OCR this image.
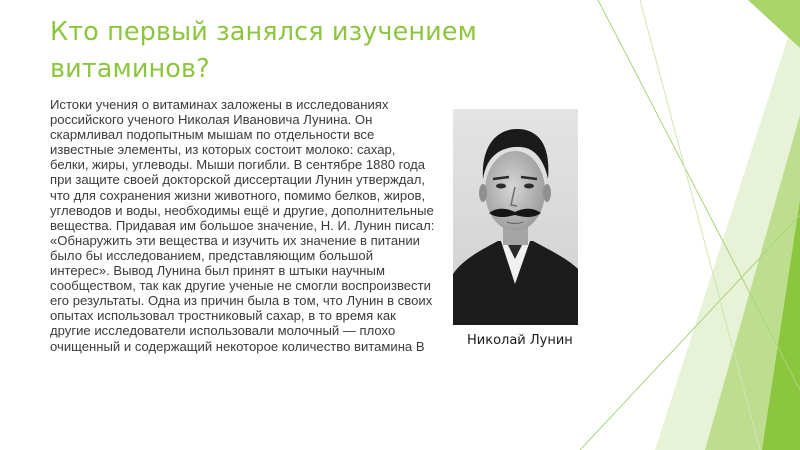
Кто первый занялся изучением витаминов?

Истоки учения о витаминах заложены в исследованиях российского ученого Николая Ивановича Лунина. Он скармливал подопытным мышам по отдельности все известные элементы, из которых состоит молоко: сахар, белки, жиры, углеводы. Мыши погибли. В сентябре 1880 года при защите своей докторской диссертации Лунин утверждал, что для сохранения жизни животного, помимо белков, жиров, углеводов и воды, необходимы ещё и другие, дополнительные вещества. Придавая им большое значение, Н. И. Лунин писал: «Обнаружить эти вещества и изучить их значение в питании было бы исследованием, представляющим большой интерес». Вывод Лунина был принят в штыки научным сообществом, так как другие ученые не смогли воспроизвести его результаты. Одна из причин была в том, что Лунин в своих опытах использовал тростниковый сахар, в то время как другие исследователи использовали молочный — плохо очищенный и содержащий некоторое количество витамина В	Николай Лунин
